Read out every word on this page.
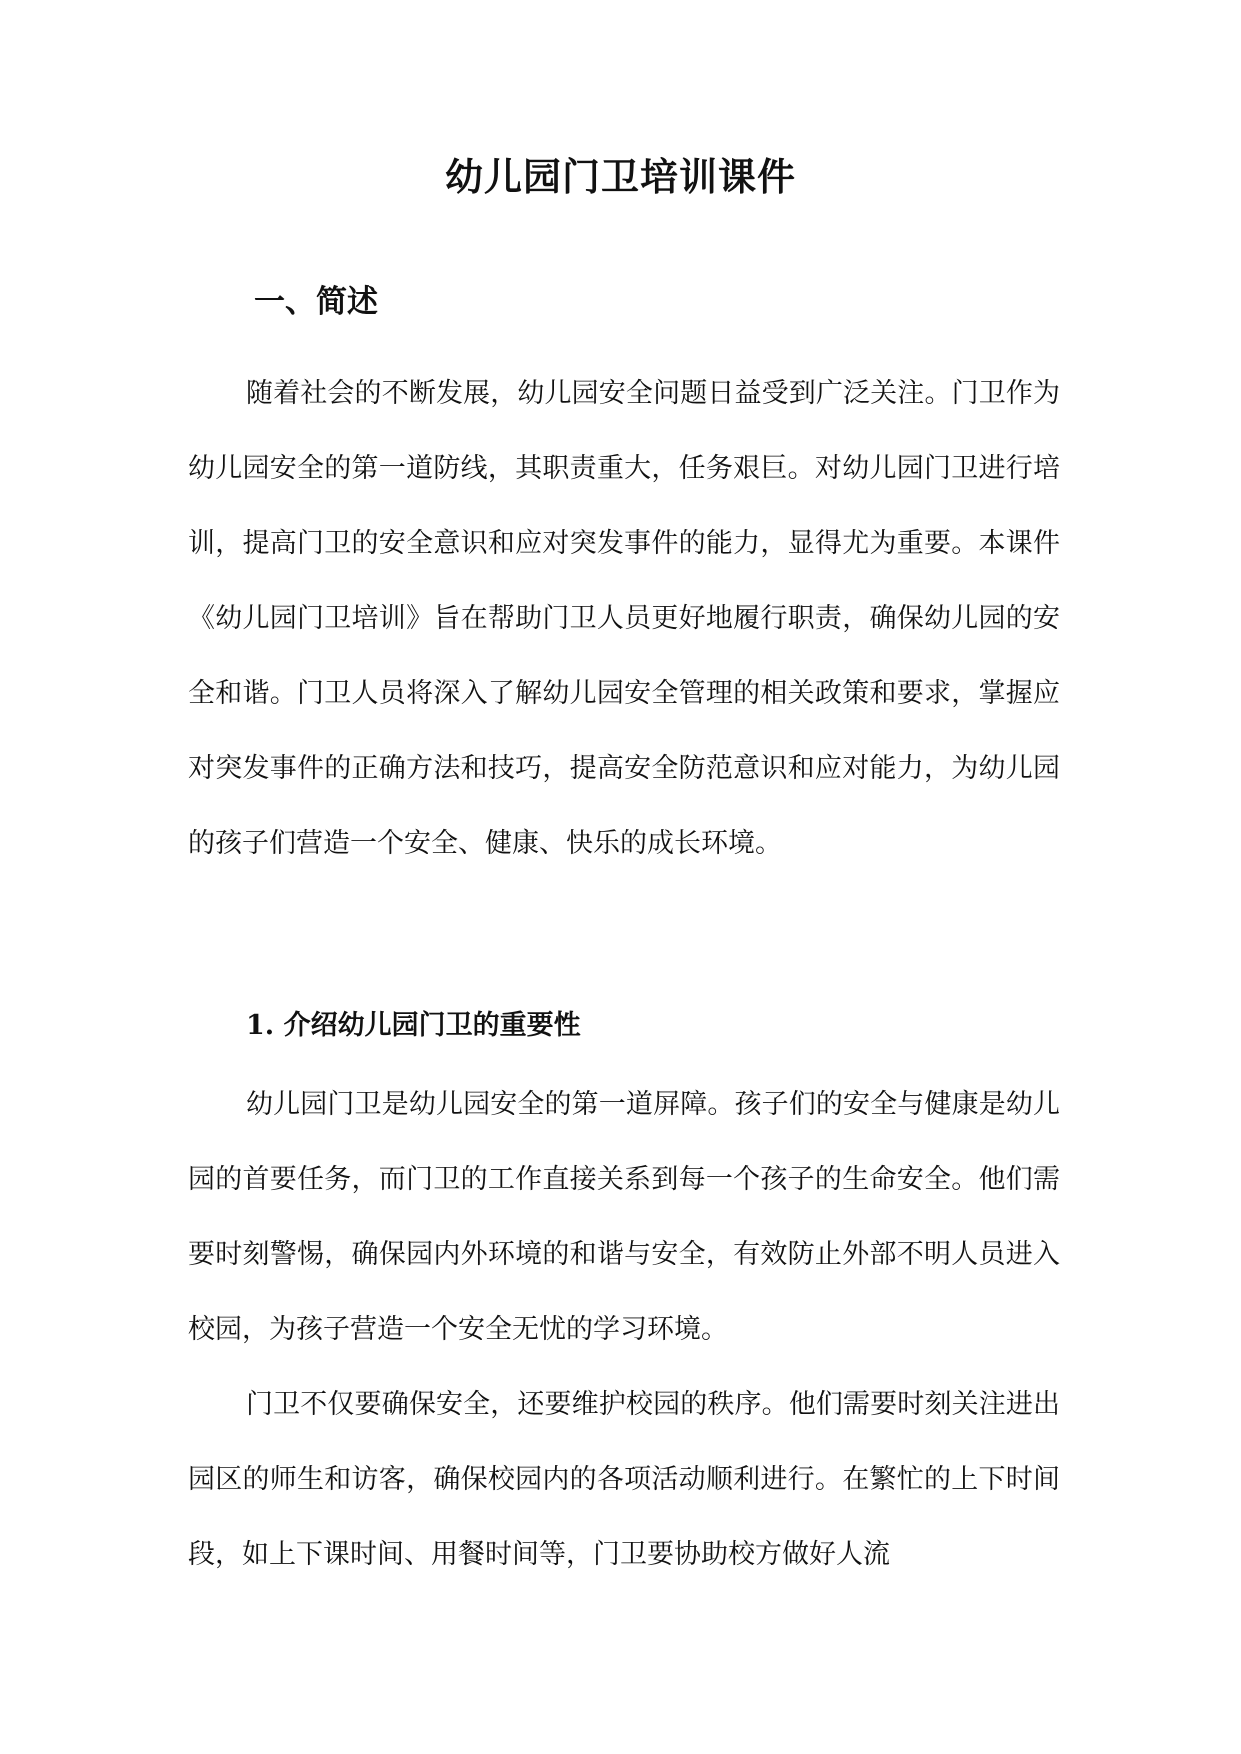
幼儿园门卫培训课件
一、简述

随着社会的不断发展，幼儿园安全问题日益受到广泛关注。门卫作为幼儿园安全的第一道防线，其职责重大，任务艰巨。对幼儿园门卫进行培训，提高门卫的安全意识和应对突发事件的能力，显得尤为重要。本课件《幼儿园门卫培训》旨在帮助门卫人员更好地履行职责，确保幼儿园的安全和谐。门卫人员将深入了解幼儿园安全管理的相关政策和要求，掌握应对突发事件的正确方法和技巧，提高安全防范意识和应对能力，为幼儿园的孩子们营造一个安全、健康、快乐的成长环境。

1. 介绍幼儿园门卫的重要性

幼儿园门卫是幼儿园安全的第一道屏障。孩子们的安全与健康是幼儿园的首要任务，而门卫的工作直接关系到每一个孩子的生命安全。他们需要时刻警惕，确保园内外环境的和谐与安全，有效防止外部不明人员进入校园，为孩子营造一个安全无忧的学习环境。

门卫不仅要确保安全，还要维护校园的秩序。他们需要时刻关注进出园区的师生和访客，确保校园内的各项活动顺利进行。在繁忙的上下时间段，如上下课时间、用餐时间等，门卫要协助校方做好人流
